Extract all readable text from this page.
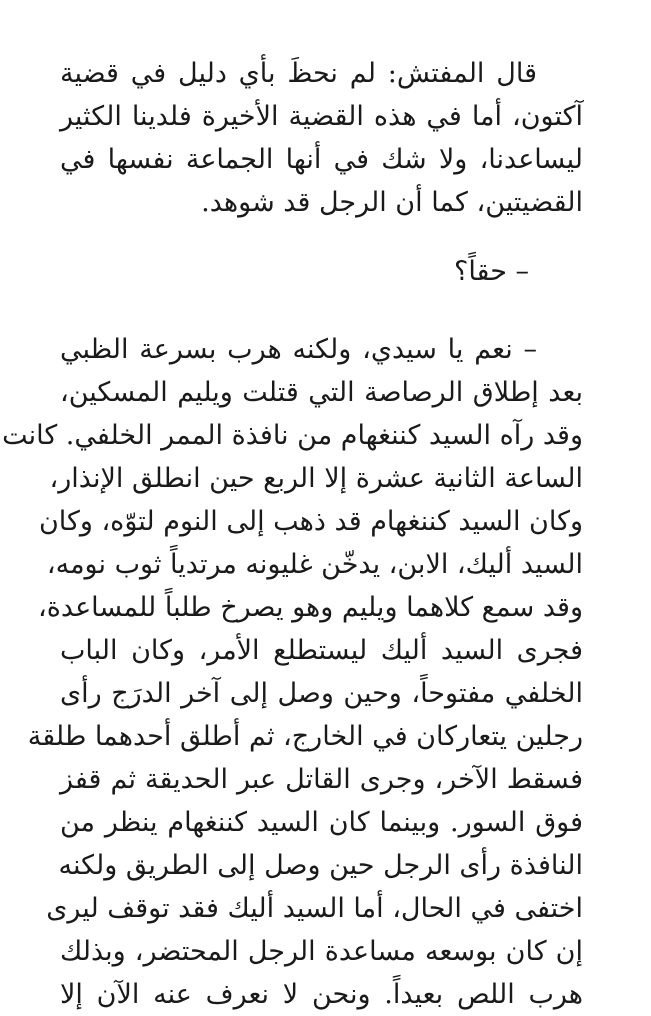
قال المفتش: لم نحظَ بأي دليل في قضية
آكتون، أما في هذه القضية الأخيرة فلدينا الكثير
ليساعدنا، ولا شك في أنها الجماعة نفسها في
القضيتين، كما أن الرجل قد شوهد.
– حقاً؟
– نعم يا سيدي، ولكنه هرب بسرعة الظبي
بعد إطلاق الرصاصة التي قتلت ويليم المسكين،
وقد رآه السيد كننغهام من نافذة الممر الخلفي. كانت
الساعة الثانية عشرة إلا الربع حين انطلق الإنذار،
وكان السيد كننغهام قد ذهب إلى النوم لتوّه، وكان
السيد أليك، الابن، يدخّن غليونه مرتدياً ثوب نومه،
وقد سمع كلاهما ويليم وهو يصرخ طلباً للمساعدة،
فجرى السيد أليك ليستطلع الأمر، وكان الباب
الخلفي مفتوحاً، وحين وصل إلى آخر الدرَج رأى
رجلين يتعاركان في الخارج، ثم أطلق أحدهما طلقة
فسقط الآخر، وجرى القاتل عبر الحديقة ثم قفز
فوق السور. وبينما كان السيد كننغهام ينظر من
النافذة رأى الرجل حين وصل إلى الطريق ولكنه
اختفى في الحال، أما السيد أليك فقد توقف ليرى
إن كان بوسعه مساعدة الرجل المحتضر، وبذلك
هرب اللص بعيداً. ونحن لا نعرف عنه الآن إلا
